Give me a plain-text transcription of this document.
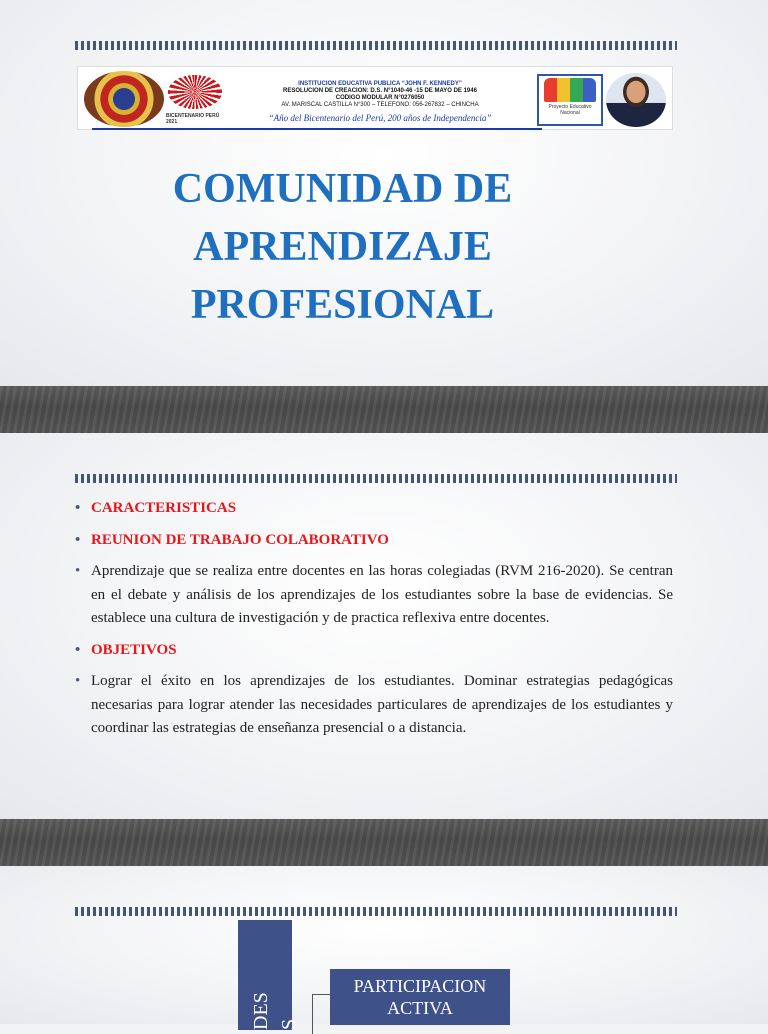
BICENTENARIO PERÚ 2021
INSTITUCION EDUCATIVA PUBLICA “JOHN F. KENNEDY”
RESOLUCION DE CREACION: D.S. N°1040-46 -15 DE MAYO DE 1946
CODIGO MODULAR N°0276050
AV. MARISCAL CASTILLA N°300 – TELEFONO: 056-267832 – CHINCHA
“Año del Bicentenario del Perú, 200 años de Independencia”
Proyecto Educativo Nacional
COMUNIDAD DE
APRENDIZAJE
PROFESIONAL
• CARACTERISTICAS
• REUNION DE TRABAJO COLABORATIVO
• Aprendizaje que se realiza entre docentes en las horas colegiadas (RVM 216-2020). Se centran en el debate y análisis de los aprendizajes de los estudiantes sobre la base de evidencias. Se establece una cultura de investigación y de practica reflexiva entre docentes.
• OBJETIVOS
• Lograr el éxito en los aprendizajes de los estudiantes. Dominar estrategias pedagógicas necesarias para lograr atender las necesidades particulares de aprendizajes de los estudiantes y coordinar las estrategias de enseñanza presencial o a distancia.
DES S
PARTICIPACION
ACTIVA
